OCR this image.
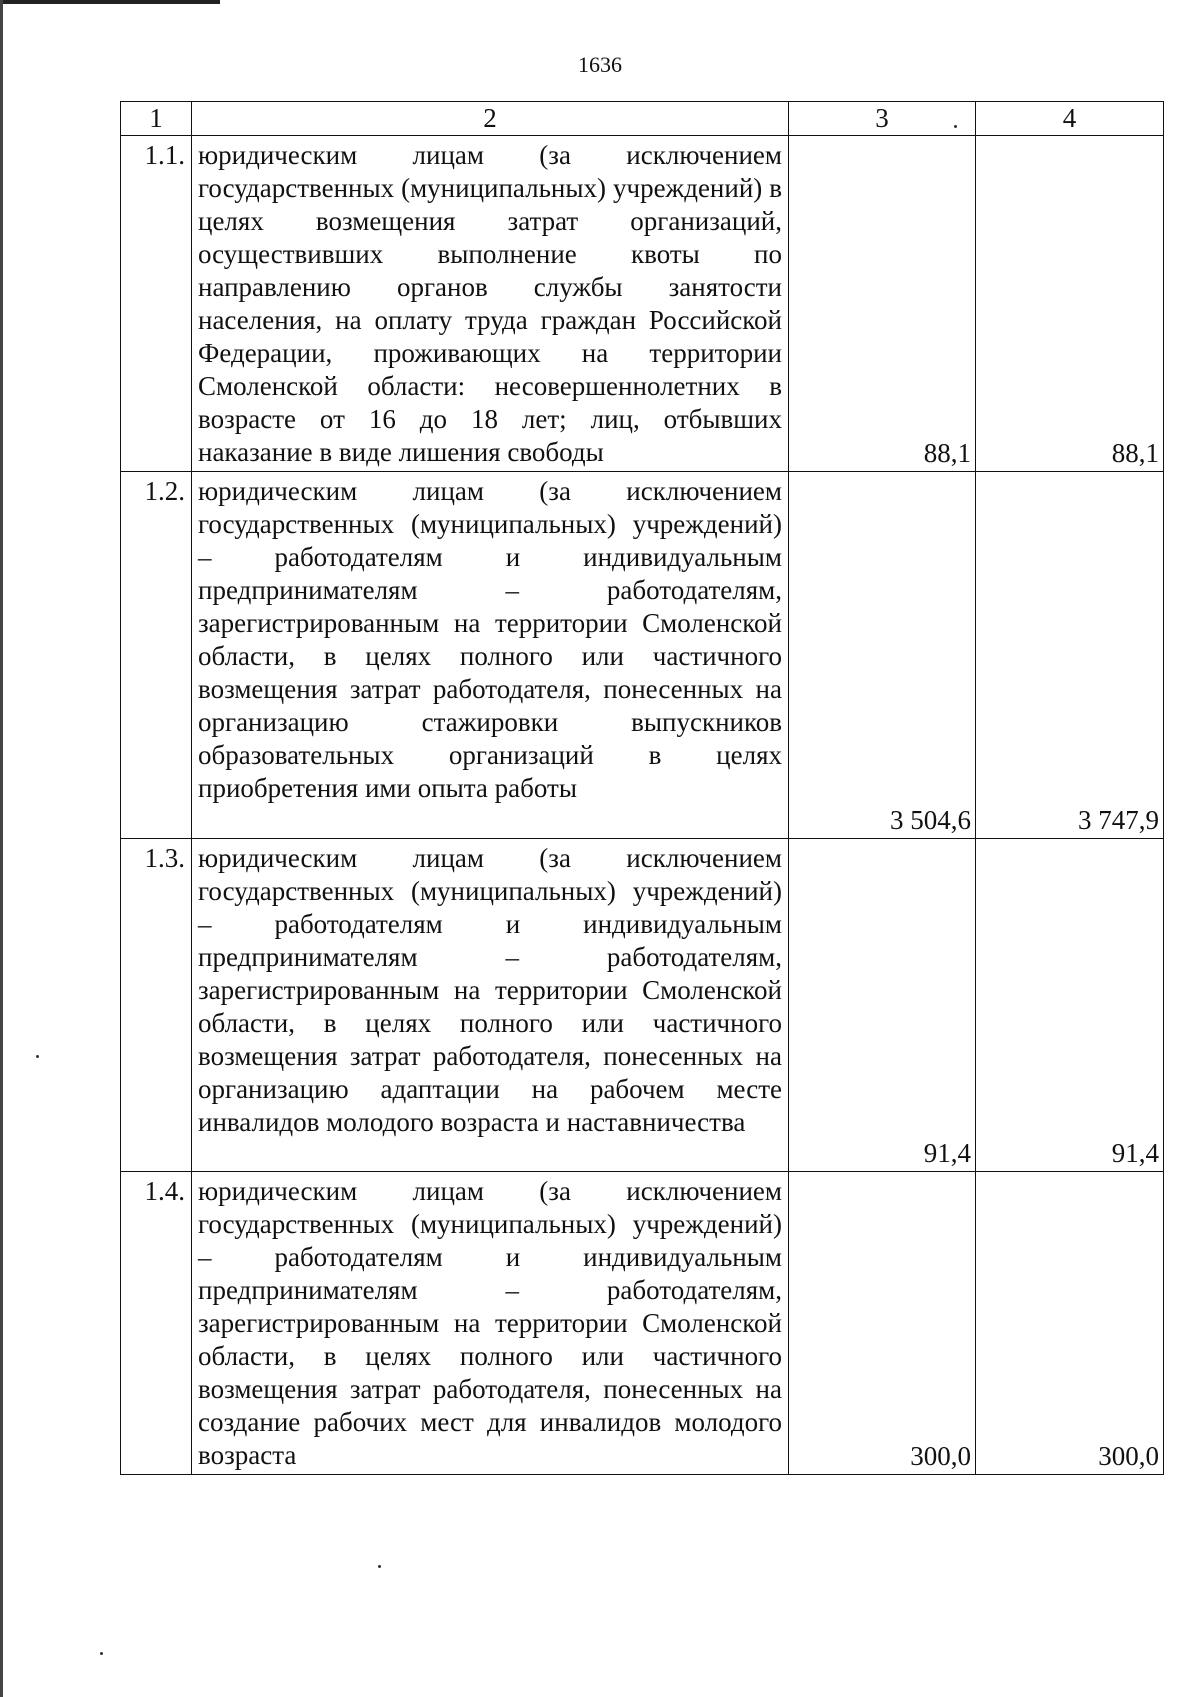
1636
1	2	3	4
1.1.	юридическим лицам (за исключением государственных (муниципальных) учреждений) в целях возмещения затрат организаций, осуществивших выполнение квоты по направлению органов службы занятости населения, на оплату труда граждан Российской Федерации, проживающих на территории Смоленской области: несовершеннолетних в возрасте от 16 до 18 лет; лиц, отбывших наказание в виде лишения свободы	88,1	88,1
1.2.	юридическим лицам (за исключением государственных (муниципальных) учреждений) – работодателям и индивидуальным предпринимателям – работодателям, зарегистрированным на территории Смоленской области, в целях полного или частичного возмещения затрат работодателя, понесенных на организацию стажировки выпускников образовательных организаций в целях приобретения ими опыта работы	3 504,6	3 747,9
1.3.	юридическим лицам (за исключением государственных (муниципальных) учреждений) – работодателям и индивидуальным предпринимателям – работодателям, зарегистрированным на территории Смоленской области, в целях полного или частичного возмещения затрат работодателя, понесенных на организацию адаптации на рабочем месте инвалидов молодого возраста и наставничества	91,4	91,4
1.4.	юридическим лицам (за исключением государственных (муниципальных) учреждений) – работодателям и индивидуальным предпринимателям – работодателям, зарегистрированным на территории Смоленской области, в целях полного или частичного возмещения затрат работодателя, понесенных на создание рабочих мест для инвалидов молодого возраста	300,0	300,0
